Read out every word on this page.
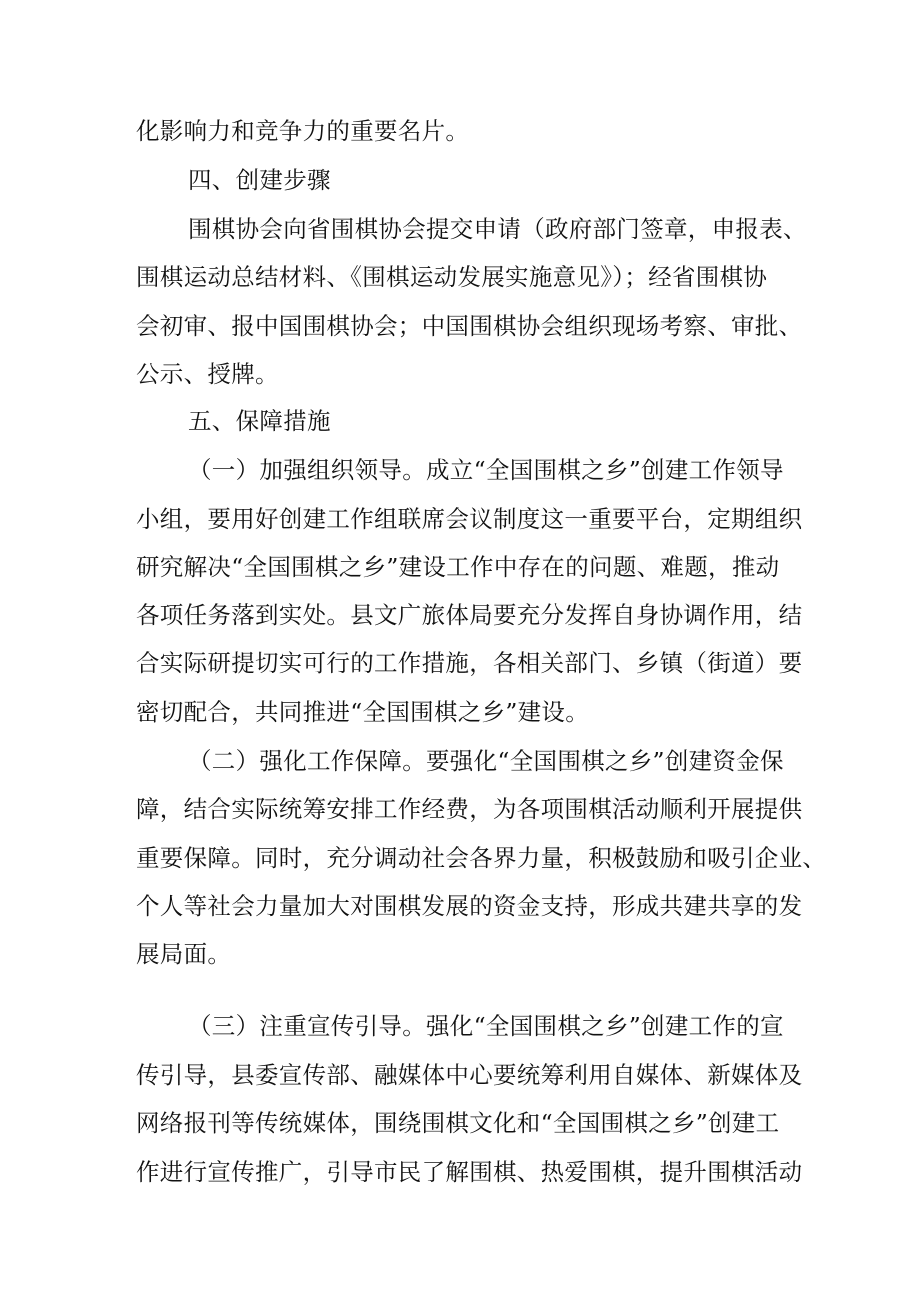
化影响力和竞争力的重要名片。
四、创建步骤
围棋协会向省围棋协会提交申请（政府部门签章，申报表、
围棋运动总结材料、《围棋运动发展实施意见》）；经省围棋协
会初审、报中国围棋协会；中国围棋协会组织现场考察、审批、
公示、授牌。
五、保障措施
（一）加强组织领导。成立“全国围棋之乡”创建工作领导
小组，要用好创建工作组联席会议制度这一重要平台，定期组织
研究解决“全国围棋之乡”建设工作中存在的问题、难题，推动
各项任务落到实处。县文广旅体局要充分发挥自身协调作用，结
合实际研提切实可行的工作措施，各相关部门、乡镇（街道）要
密切配合，共同推进“全国围棋之乡”建设。
（二）强化工作保障。要强化“全国围棋之乡”创建资金保
障，结合实际统筹安排工作经费，为各项围棋活动顺利开展提供
重要保障。同时，充分调动社会各界力量，积极鼓励和吸引企业、
个人等社会力量加大对围棋发展的资金支持，形成共建共享的发
展局面。
（三）注重宣传引导。强化“全国围棋之乡”创建工作的宣
传引导，县委宣传部、融媒体中心要统筹利用自媒体、新媒体及
网络报刊等传统媒体，围绕围棋文化和“全国围棋之乡”创建工
作进行宣传推广，引导市民了解围棋、热爱围棋，提升围棋活动
